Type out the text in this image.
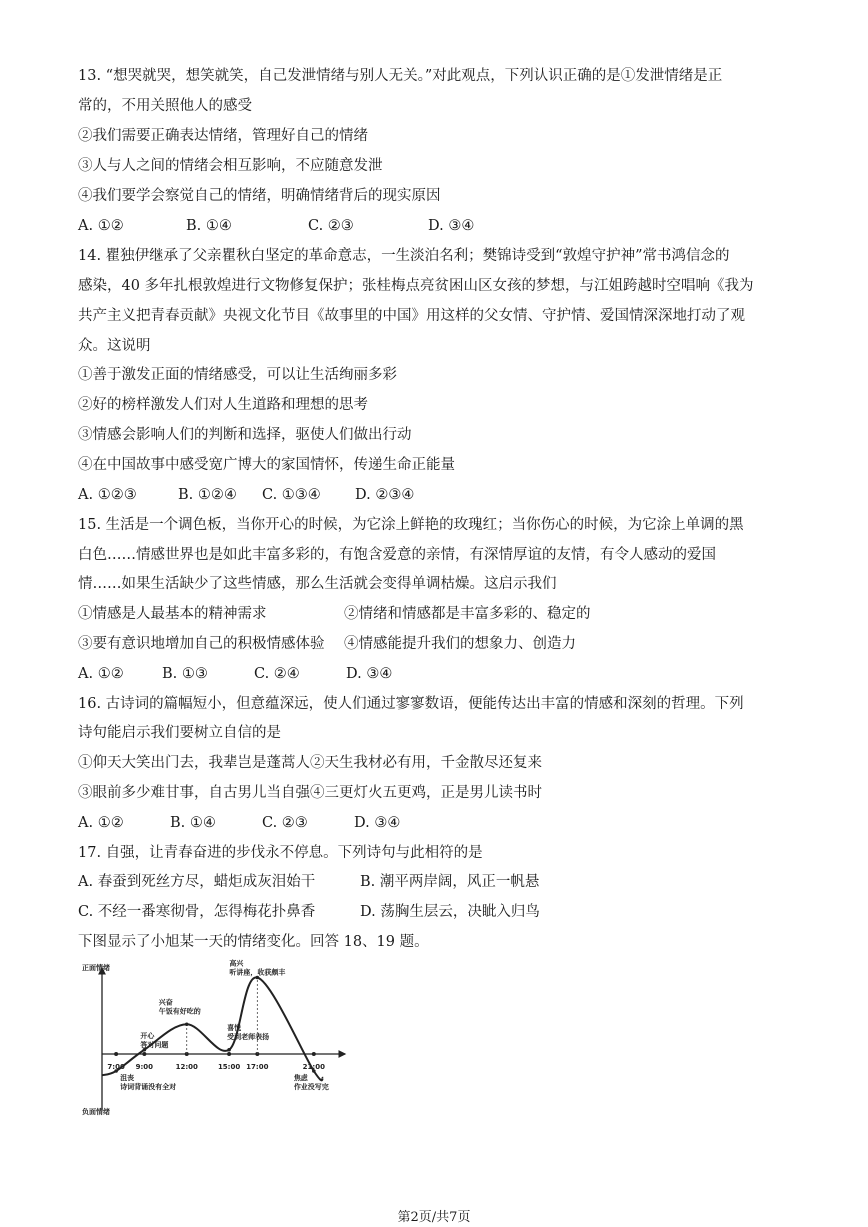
13. “想哭就哭，想笑就笑，自己发泄情绪与别人无关。”对此观点，下列认识正确的是①发泄情绪是正
常的，不用关照他人的感受
②我们需要正确表达情绪，管理好自己的情绪
③人与人之间的情绪会相互影响，不应随意发泄
④我们要学会察觉自己的情绪，明确情绪背后的现实原因
A. ①②	B. ①④	C. ②③	D. ③④
14. 瞿独伊继承了父亲瞿秋白坚定的革命意志，一生淡泊名利；樊锦诗受到“敦煌守护神”常书鸿信念的
感染，40 多年扎根敦煌进行文物修复保护；张桂梅点亮贫困山区女孩的梦想，与江姐跨越时空唱响《我为
共产主义把青春贡献》央视文化节目《故事里的中国》用这样的父女情、守护情、爱国情深深地打动了观
众。这说明
①善于激发正面的情绪感受，可以让生活绚丽多彩
②好的榜样激发人们对人生道路和理想的思考
③情感会影响人们的判断和选择，驱使人们做出行动
④在中国故事中感受宽广博大的家国情怀，传递生命正能量
A. ①②③	B. ①②④ C. ①③④ D. ②③④
15. 生活是一个调色板，当你开心的时候，为它涂上鲜艳的玫瑰红；当你伤心的时候，为它涂上单调的黑
白色……情感世界也是如此丰富多彩的，有饱含爱意的亲情，有深情厚谊的友情，有令人感动的爱国
情……如果生活缺少了这些情感，那么生活就会变得单调枯燥。这启示我们
①情感是人最基本的精神需求	②情绪和情感都是丰富多彩的、稳定的
③要有意识地增加自己的积极情感体验 ④情感能提升我们的想象力、创造力
A. ①②	B. ①③	C. ②④	D. ③④
16. 古诗词的篇幅短小，但意蕴深远，使人们通过寥寥数语，便能传达出丰富的情感和深刻的哲理。下列
诗句能启示我们要树立自信的是
①仰天大笑出门去，我辈岂是蓬蒿人②天生我材必有用，千金散尽还复来
③眼前多少难甘事，自古男儿当自强④三更灯火五更鸡，正是男儿读书时
A. ①②	B. ①④	C. ②③	D. ③④
17. 自强，让青春奋进的步伐永不停息。下列诗句与此相符的是
A. 春蚕到死丝方尽，蜡炬成灰泪始干	B. 潮平两岸阔，风正一帆悬
C. 不经一番寒彻骨，怎得梅花扑鼻香	D. 荡胸生层云，决眦入归鸟
下图显示了小旭某一天的情绪变化。回答 18、19 题。
正面情绪
负面情绪
7:00 9:00	12:00	15:00 17:00	21:00
沮丧
诗词背诵没有全对
开心
答对问题
兴奋
午饭有好吃的
喜悦
受到老师表扬
高兴
听讲座，收获颇丰
焦虑
作业没写完
第2页/共7页
